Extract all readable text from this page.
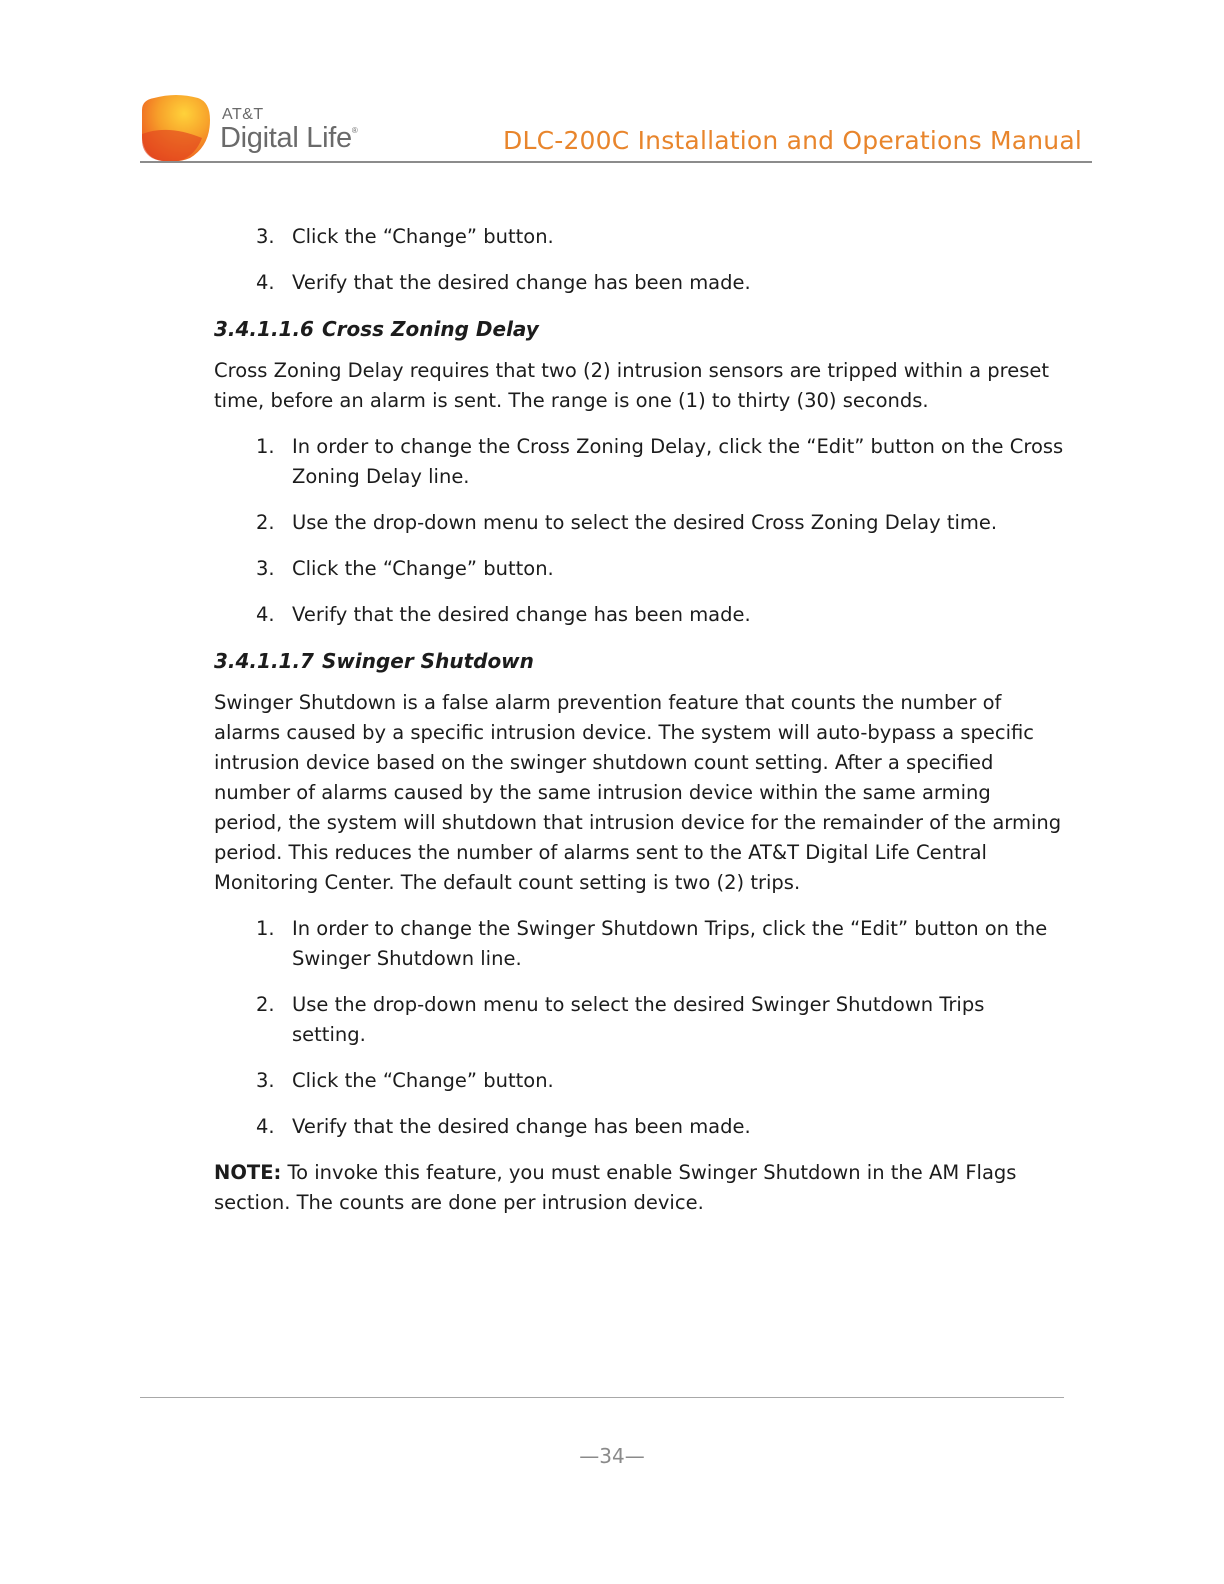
AT&T
Digital Life®	DLC-200C Installation and Operations Manual
3. Click the “Change” button.
4. Verify that the desired change has been made.
3.4.1.1.6 Cross Zoning Delay

Cross Zoning Delay requires that two (2) intrusion sensors are tripped within a preset time, before an alarm is sent. The range is one (1) to thirty (30) seconds.

1. In order to change the Cross Zoning Delay, click the “Edit” button on the Cross Zoning Delay line.
2. Use the drop-down menu to select the desired Cross Zoning Delay time.
3. Click the “Change” button.
4. Verify that the desired change has been made.
3.4.1.1.7 Swinger Shutdown

Swinger Shutdown is a false alarm prevention feature that counts the number of alarms caused by a specific intrusion device. The system will auto-bypass a specific intrusion device based on the swinger shutdown count setting. After a specified number of alarms caused by the same intrusion device within the same arming period, the system will shutdown that intrusion device for the remainder of the arming period. This reduces the number of alarms sent to the AT&T Digital Life Central Monitoring Center. The default count setting is two (2) trips.

1. In order to change the Swinger Shutdown Trips, click the “Edit” button on the Swinger Shutdown line.
2. Use the drop-down menu to select the desired Swinger Shutdown Trips setting.
3. Click the “Change” button.
4. Verify that the desired change has been made.

NOTE: To invoke this feature, you must enable Swinger Shutdown in the AM Flags section. The counts are done per intrusion device.

—34—
